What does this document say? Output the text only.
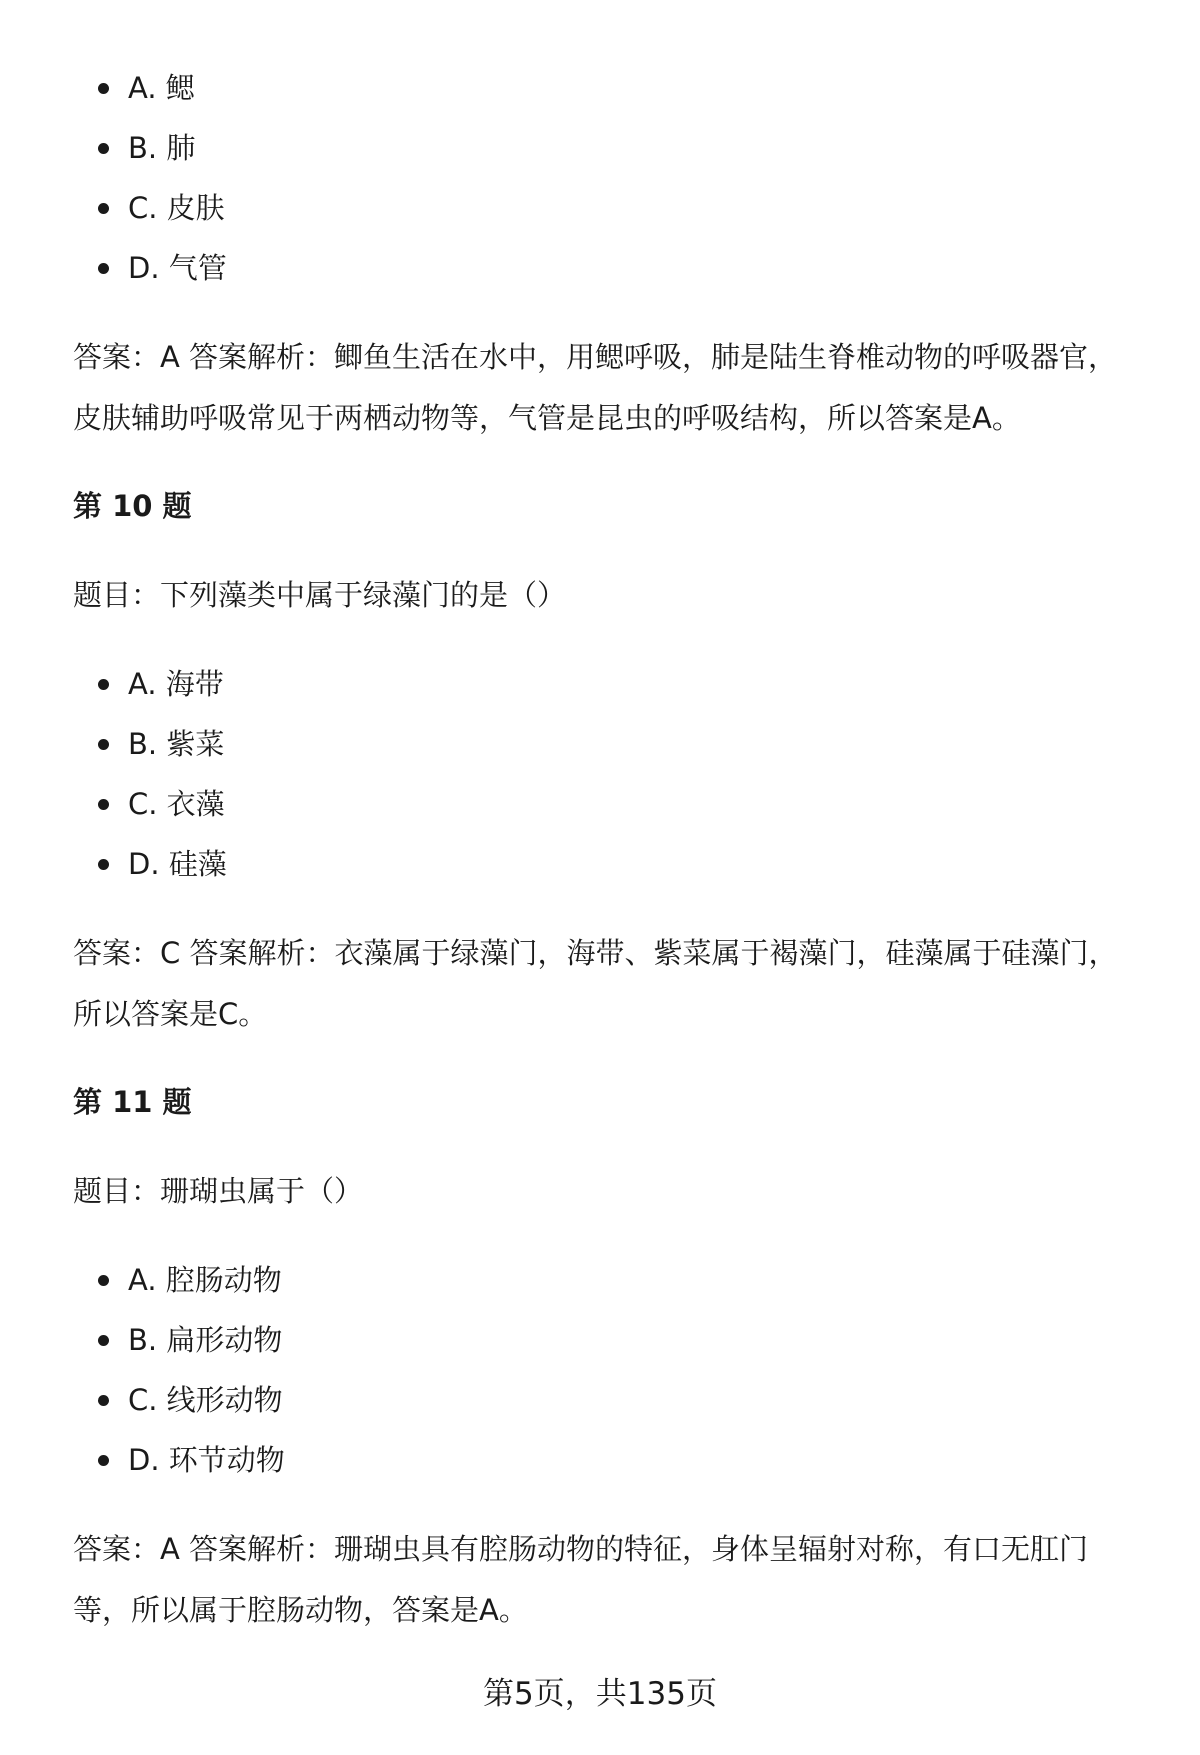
A. 鳃
B. 肺
C. 皮肤
D. 气管

答案：A 答案解析：鲫鱼生活在水中，用鳃呼吸，肺是陆生脊椎动物的呼吸器官，皮肤辅助呼吸常见于两栖动物等，气管是昆虫的呼吸结构，所以答案是A。

第 10 题

题目：下列藻类中属于绿藻门的是（）

A. 海带
B. 紫菜
C. 衣藻
D. 硅藻

答案：C 答案解析：衣藻属于绿藻门，海带、紫菜属于褐藻门，硅藻属于硅藻门，所以答案是C。

第 11 题

题目：珊瑚虫属于（）

A. 腔肠动物
B. 扁形动物
C. 线形动物
D. 环节动物

答案：A 答案解析：珊瑚虫具有腔肠动物的特征，身体呈辐射对称，有口无肛门等，所以属于腔肠动物，答案是A。

第5页，共135页
